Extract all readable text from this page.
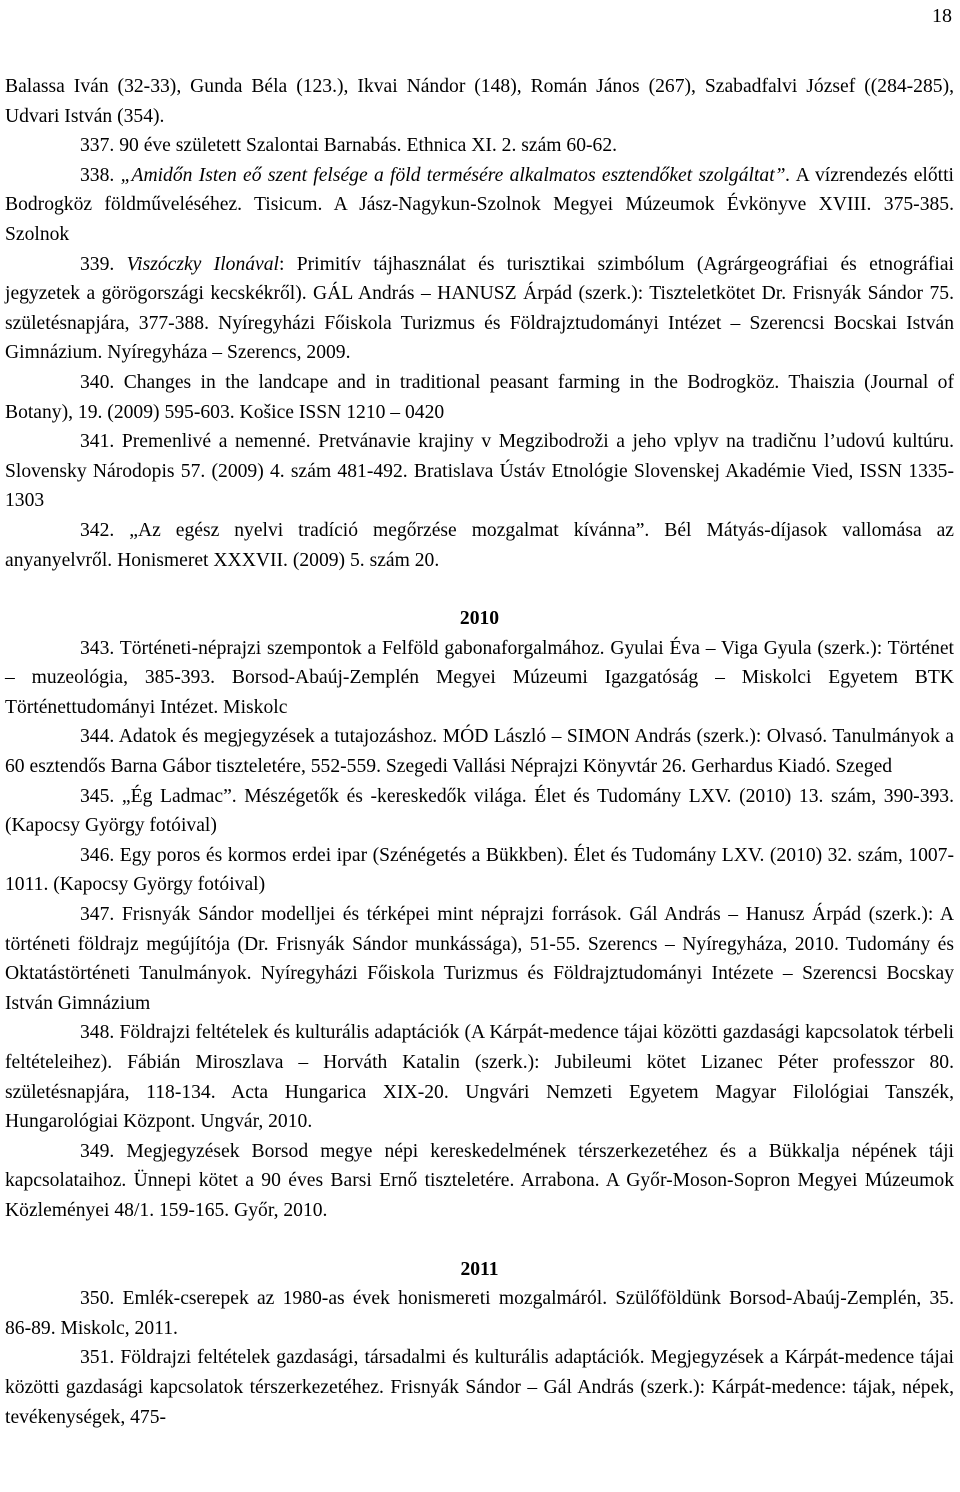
18

Balassa Iván (32-33), Gunda Béla (123.), Ikvai Nándor (148), Román János (267), Szabadfalvi József ((284-285), Udvari István (354).

337. 90 éve született Szalontai Barnabás. Ethnica XI. 2. szám 60-62.

338. „Amidőn Isten eő szent felsége a föld termésére alkalmatos esztendőket szolgáltat”. A vízrendezés előtti Bodrogköz földműveléséhez. Tisicum. A Jász-Nagykun-Szolnok Megyei Múzeumok Évkönyve XVIII. 375-385. Szolnok

339. Viszóczky Ilonával: Primitív tájhasználat és turisztikai szimbólum (Agrárgeográfiai és etnográfiai jegyzetek a görögországi kecskékről). GÁL András – HANUSZ Árpád (szerk.): Tiszteletkötet Dr. Frisnyák Sándor 75. születésnapjára, 377-388. Nyíregyházi Főiskola Turizmus és Földrajztudományi Intézet – Szerencsi Bocskai István Gimnázium. Nyíregyháza – Szerencs, 2009.

340. Changes in the landcape and in traditional peasant farming in the Bodrogköz. Thaiszia (Journal of Botany), 19. (2009) 595-603. Košice ISSN 1210 – 0420

341. Premenlivé a nemenné. Pretvánavie krajiny v Megzibodroži a jeho vplyv na tradičnu l’udovú kultúru. Slovensky Národopis 57. (2009) 4. szám 481-492. Bratislava Ústáv Etnológie Slovenskej Akadémie Vied, ISSN 1335-1303

342. „Az egész nyelvi tradíció megőrzése mozgalmat kívánna”. Bél Mátyás-díjasok vallomása az anyanyelvről. Honismeret XXXVII. (2009) 5. szám 20.

2010

343. Történeti-néprajzi szempontok a Felföld gabonaforgalmához. Gyulai Éva – Viga Gyula (szerk.): Történet – muzeológia, 385-393. Borsod-Abaúj-Zemplén Megyei Múzeumi Igazgatóság – Miskolci Egyetem BTK Történettudományi Intézet. Miskolc

344. Adatok és megjegyzések a tutajozáshoz. MÓD László – SIMON András (szerk.): Olvasó. Tanulmányok a 60 esztendős Barna Gábor tiszteletére, 552-559. Szegedi Vallási Néprajzi Könyvtár 26. Gerhardus Kiadó. Szeged

345. „Ég Ladmac”. Mészégetők és -kereskedők világa. Élet és Tudomány LXV. (2010) 13. szám, 390-393. (Kapocsy György fotóival)

346. Egy poros és kormos erdei ipar (Szénégetés a Bükkben). Élet és Tudomány LXV. (2010) 32. szám, 1007-1011. (Kapocsy György fotóival)

347. Frisnyák Sándor modelljei és térképei mint néprajzi források. Gál András – Hanusz Árpád (szerk.): A történeti földrajz megújítója (Dr. Frisnyák Sándor munkássága), 51-55. Szerencs – Nyíregyháza, 2010. Tudomány és Oktatástörténeti Tanulmányok. Nyíregyházi Főiskola Turizmus és Földrajztudományi Intézete – Szerencsi Bocskay István Gimnázium

348. Földrajzi feltételek és kulturális adaptációk (A Kárpát-medence tájai közötti gazdasági kapcsolatok térbeli feltételeihez). Fábián Miroszlava – Horváth Katalin (szerk.): Jubileumi kötet Lizanec Péter professzor 80. születésnapjára, 118-134. Acta Hungarica XIX-20. Ungvári Nemzeti Egyetem Magyar Filológiai Tanszék, Hungarológiai Központ. Ungvár, 2010.

349. Megjegyzések Borsod megye népi kereskedelmének térszerkezetéhez és a Bükkalja népének táji kapcsolataihoz. Ünnepi kötet a 90 éves Barsi Ernő tiszteletére. Arrabona. A Győr-Moson-Sopron Megyei Múzeumok Közleményei 48/1. 159-165. Győr, 2010.

2011

350. Emlék-cserepek az 1980-as évek honismereti mozgalmáról. Szülőföldünk Borsod-Abaúj-Zemplén, 35. 86-89. Miskolc, 2011.

351. Földrajzi feltételek gazdasági, társadalmi és kulturális adaptációk. Megjegyzések a Kárpát-medence tájai közötti gazdasági kapcsolatok térszerkezetéhez. Frisnyák Sándor – Gál András (szerk.): Kárpát-medence: tájak, népek, tevékenységek, 475-
